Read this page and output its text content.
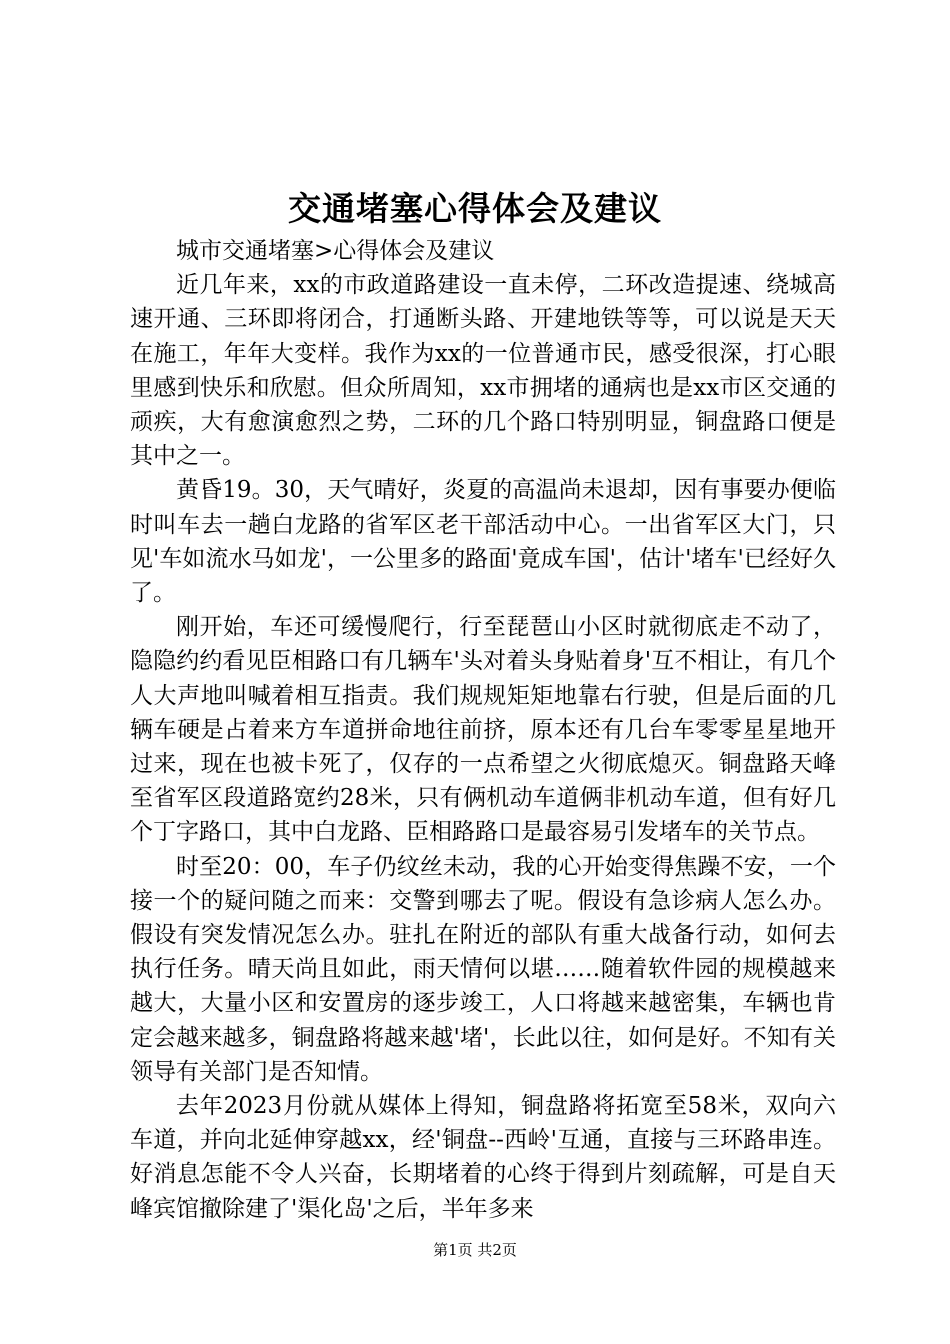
交通堵塞心得体会及建议

城市交通堵塞>心得体会及建议

近几年来，xx的市政道路建设一直未停，二环改造提速、绕城高速开通、三环即将闭合，打通断头路、开建地铁等等，可以说是天天在施工，年年大变样。我作为xx的一位普通市民，感受很深，打心眼里感到快乐和欣慰。但众所周知，xx市拥堵的通病也是xx市区交通的顽疾，大有愈演愈烈之势，二环的几个路口特别明显，铜盘路口便是其中之一。

黄昏19。30，天气晴好，炎夏的高温尚未退却，因有事要办便临时叫车去一趟白龙路的省军区老干部活动中心。一出省军区大门，只见'车如流水马如龙'，一公里多的路面'竟成车国'，估计'堵车'已经好久了。

刚开始，车还可缓慢爬行，行至琵琶山小区时就彻底走不动了，隐隐约约看见臣相路口有几辆车'头对着头身贴着身'互不相让，有几个人大声地叫喊着相互指责。我们规规矩矩地靠右行驶，但是后面的几辆车硬是占着来方车道拼命地往前挤，原本还有几台车零零星星地开过来，现在也被卡死了，仅存的一点希望之火彻底熄灭。铜盘路天峰至省军区段道路宽约28米，只有俩机动车道俩非机动车道，但有好几个丁字路口，其中白龙路、臣相路路口是最容易引发堵车的关节点。

时至20：00，车子仍纹丝未动，我的心开始变得焦躁不安，一个接一个的疑问随之而来：交警到哪去了呢。假设有急诊病人怎么办。假设有突发情况怎么办。驻扎在附近的部队有重大战备行动，如何去执行任务。晴天尚且如此，雨天情何以堪……随着软件园的规模越来越大，大量小区和安置房的逐步竣工，人口将越来越密集，车辆也肯定会越来越多，铜盘路将越来越'堵'，长此以往，如何是好。不知有关领导有关部门是否知情。

去年2023月份就从媒体上得知，铜盘路将拓宽至58米，双向六车道，并向北延伸穿越xx，经'铜盘--西岭'互通，直接与三环路串连。好消息怎能不令人兴奋，长期堵着的心终于得到片刻疏解，可是自天峰宾馆撤除建了'渠化岛'之后，半年多来

第1页 共2页
